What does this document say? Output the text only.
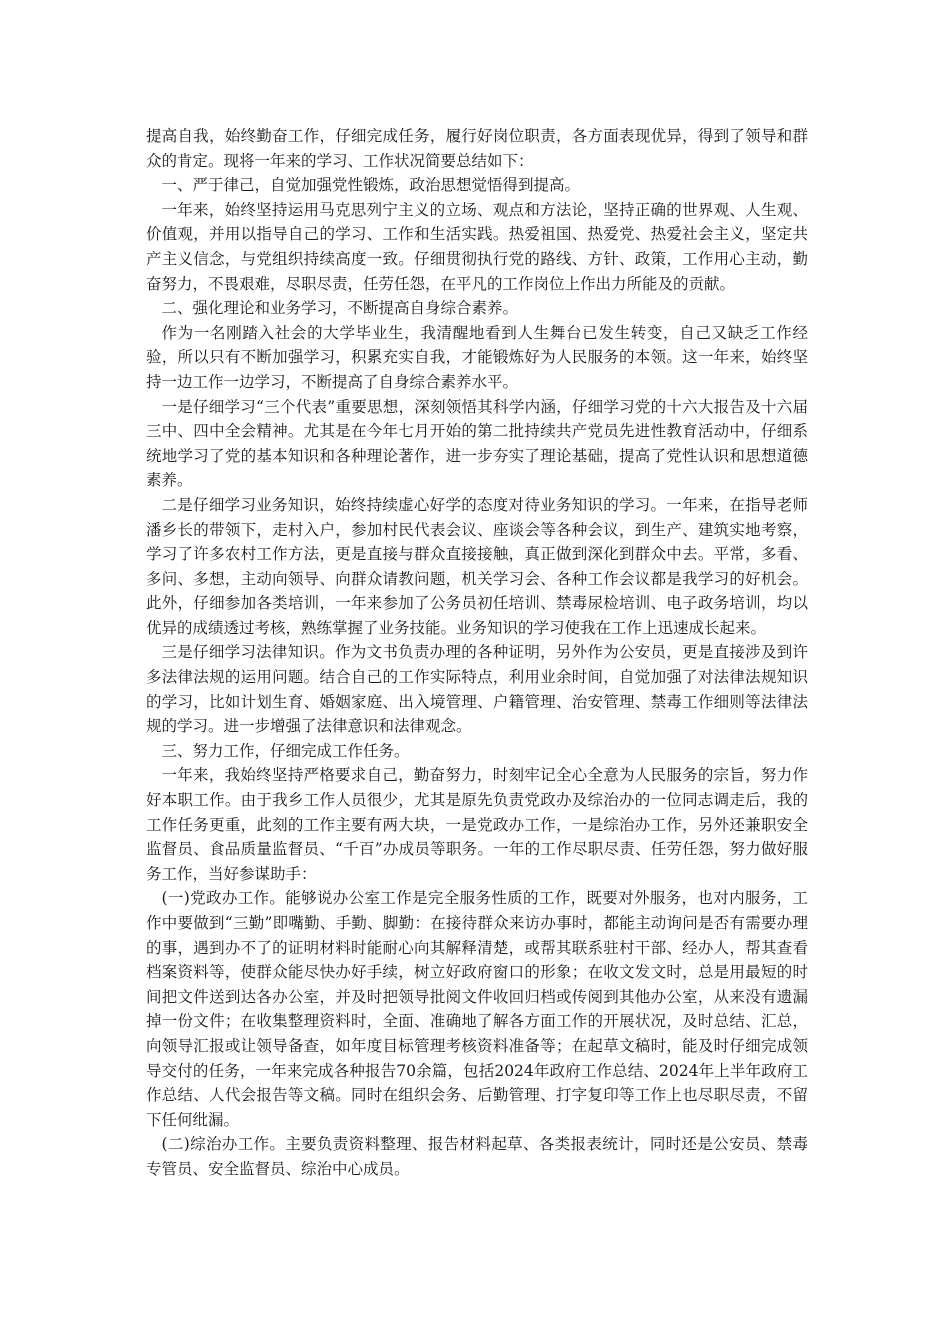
提高自我，始终勤奋工作，仔细完成任务，履行好岗位职责，各方面表现优异，得到了领导和群众的肯定。现将一年来的学习、工作状况简要总结如下：

一、严于律己，自觉加强党性锻炼，政治思想觉悟得到提高。

一年来，始终坚持运用马克思列宁主义的立场、观点和方法论，坚持正确的世界观、人生观、价值观，并用以指导自己的学习、工作和生活实践。热爱祖国、热爱党、热爱社会主义，坚定共产主义信念，与党组织持续高度一致。仔细贯彻执行党的路线、方针、政策，工作用心主动，勤奋努力，不畏艰难，尽职尽责，任劳任怨，在平凡的工作岗位上作出力所能及的贡献。

二、强化理论和业务学习，不断提高自身综合素养。

作为一名刚踏入社会的大学毕业生，我清醒地看到人生舞台已发生转变，自己又缺乏工作经验，所以只有不断加强学习，积累充实自我，才能锻炼好为人民服务的本领。这一年来，始终坚持一边工作一边学习，不断提高了自身综合素养水平。

一是仔细学习“三个代表”重要思想，深刻领悟其科学内涵，仔细学习党的十六大报告及十六届三中、四中全会精神。尤其是在今年七月开始的第二批持续共产党员先进性教育活动中，仔细系统地学习了党的基本知识和各种理论著作，进一步夯实了理论基础，提高了党性认识和思想道德素养。

二是仔细学习业务知识，始终持续虚心好学的态度对待业务知识的学习。一年来，在指导老师潘乡长的带领下，走村入户，参加村民代表会议、座谈会等各种会议，到生产、建筑实地考察，学习了许多农村工作方法，更是直接与群众直接接触，真正做到深化到群众中去。平常，多看、多问、多想，主动向领导、向群众请教问题，机关学习会、各种工作会议都是我学习的好机会。此外，仔细参加各类培训，一年来参加了公务员初任培训、禁毒尿检培训、电子政务培训，均以优异的成绩透过考核，熟练掌握了业务技能。业务知识的学习使我在工作上迅速成长起来。

三是仔细学习法律知识。作为文书负责办理的各种证明，另外作为公安员，更是直接涉及到许多法律法规的运用问题。结合自己的工作实际特点，利用业余时间，自觉加强了对法律法规知识的学习，比如计划生育、婚姻家庭、出入境管理、户籍管理、治安管理、禁毒工作细则等法律法规的学习。进一步增强了法律意识和法律观念。

三、努力工作，仔细完成工作任务。

一年来，我始终坚持严格要求自己，勤奋努力，时刻牢记全心全意为人民服务的宗旨，努力作好本职工作。由于我乡工作人员很少，尤其是原先负责党政办及综治办的一位同志调走后，我的工作任务更重，此刻的工作主要有两大块，一是党政办工作，一是综治办工作，另外还兼职安全监督员、食品质量监督员、“千百”办成员等职务。一年的工作尽职尽责、任劳任怨，努力做好服务工作，当好参谋助手：

(一)党政办工作。能够说办公室工作是完全服务性质的工作，既要对外服务，也对内服务，工作中要做到“三勤”即嘴勤、手勤、脚勤：在接待群众来访办事时，都能主动询问是否有需要办理的事，遇到办不了的证明材料时能耐心向其解释清楚，或帮其联系驻村干部、经办人，帮其查看档案资料等，使群众能尽快办好手续，树立好政府窗口的形象；在收文发文时，总是用最短的时间把文件送到达各办公室，并及时把领导批阅文件收回归档或传阅到其他办公室，从来没有遗漏掉一份文件；在收集整理资料时，全面、准确地了解各方面工作的开展状况，及时总结、汇总，向领导汇报或让领导备查，如年度目标管理考核资料准备等；在起草文稿时，能及时仔细完成领导交付的任务，一年来完成各种报告70余篇，包括2024年政府工作总结、2024年上半年政府工作总结、人代会报告等文稿。同时在组织会务、后勤管理、打字复印等工作上也尽职尽责，不留下任何纰漏。

(二)综治办工作。主要负责资料整理、报告材料起草、各类报表统计，同时还是公安员、禁毒专管员、安全监督员、综治中心成员。
